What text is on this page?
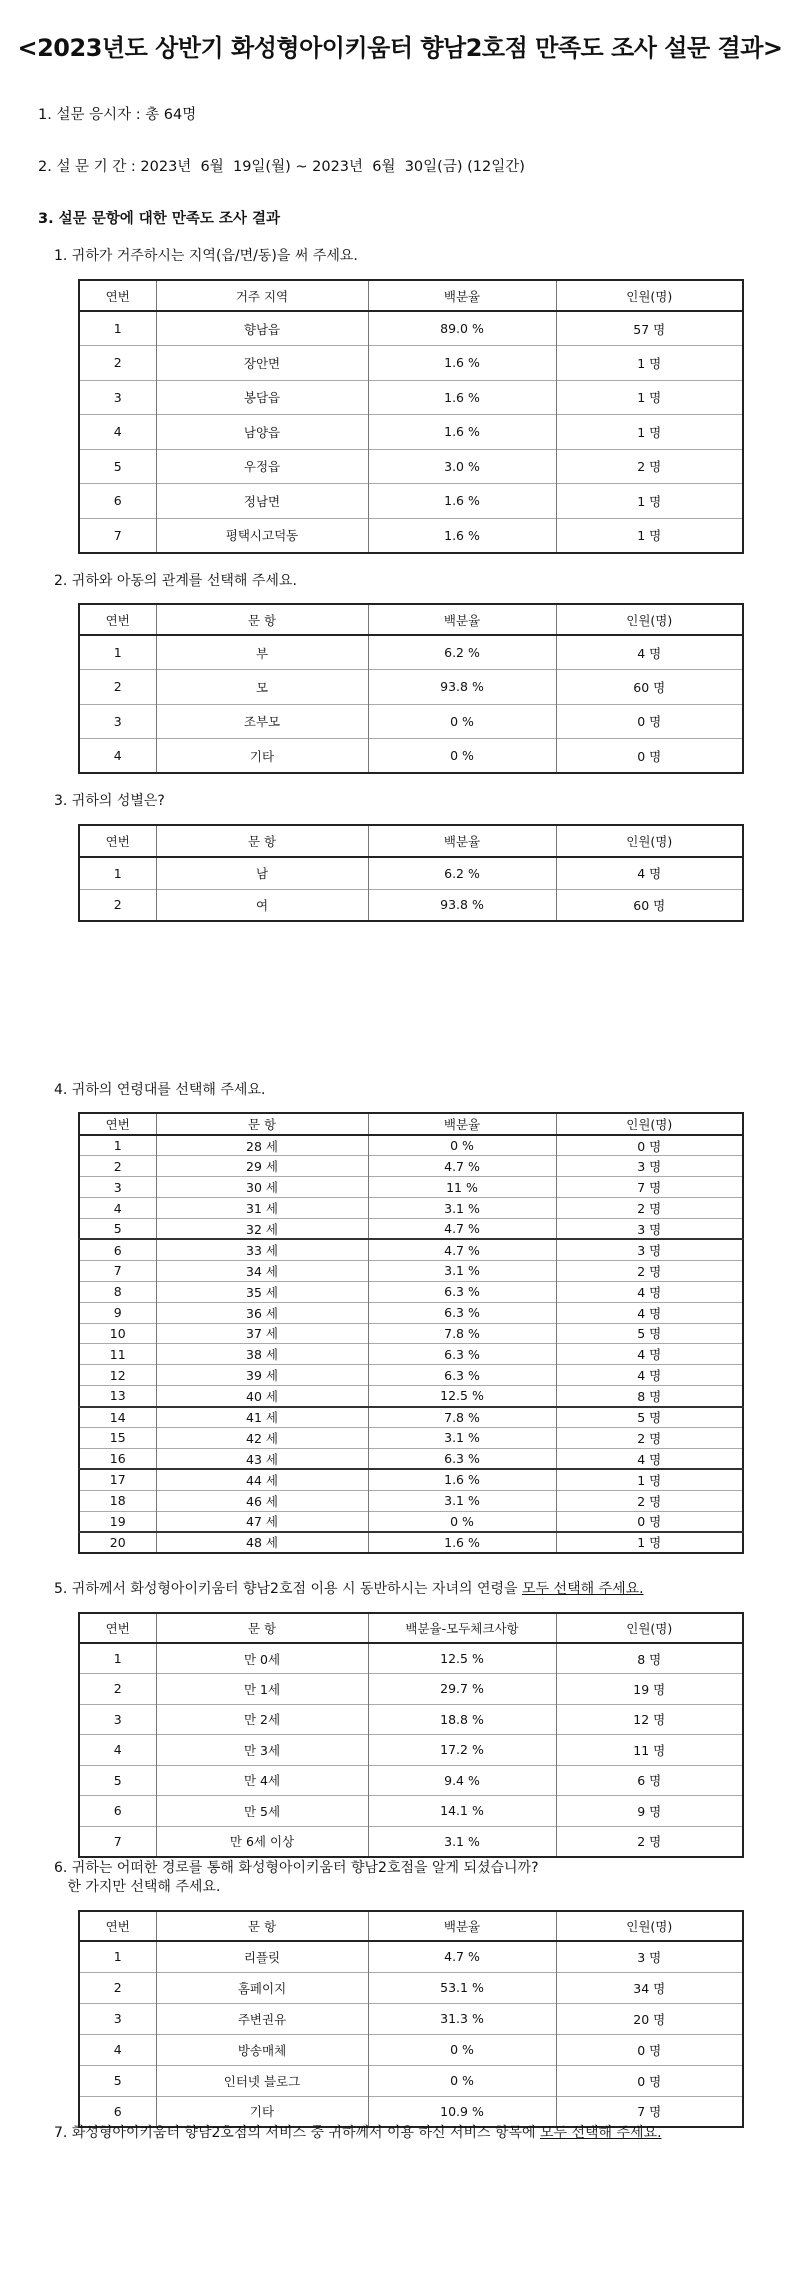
<2023년도 상반기 화성형아이키움터 향남2호점 만족도 조사 설문 결과>
1. 설문 응시자 : 총 64명
2. 설 문 기 간 : 2023년  6월  19일(월) ~ 2023년  6월  30일(금) (12일간)
3. 설문 문항에 대한 만족도 조사 결과
1. 귀하가 거주하시는 지역(읍/면/동)을 써 주세요.
연번	거주 지역	백분율	인원(명)
1	향남읍	89.0 %	57 명
2	장안면	1.6 %	1 명
3	봉담읍	1.6 %	1 명
4	남양읍	1.6 %	1 명
5	우정읍	3.0 %	2 명
6	정남면	1.6 %	1 명
7	평택시고덕동	1.6 %	1 명
2. 귀하와 아동의 관계를 선택해 주세요.
연번	문 항	백분율	인원(명)
1	부	6.2 %	4 명
2	모	93.8 %	60 명
3	조부모	0 %	0 명
4	기타	0 %	0 명
3. 귀하의 성별은?
연번	문 항	백분율	인원(명)
1	남	6.2 %	4 명
2	여	93.8 %	60 명
4. 귀하의 연령대를 선택해 주세요.
연번	문 항	백분율	인원(명)
1	28 세	0 %	0 명
2	29 세	4.7 %	3 명
3	30 세	11 %	7 명
4	31 세	3.1 %	2 명
5	32 세	4.7 %	3 명
6	33 세	4.7 %	3 명
7	34 세	3.1 %	2 명
8	35 세	6.3 %	4 명
9	36 세	6.3 %	4 명
10	37 세	7.8 %	5 명
11	38 세	6.3 %	4 명
12	39 세	6.3 %	4 명
13	40 세	12.5 %	8 명
14	41 세	7.8 %	5 명
15	42 세	3.1 %	2 명
16	43 세	6.3 %	4 명
17	44 세	1.6 %	1 명
18	46 세	3.1 %	2 명
19	47 세	0 %	0 명
20	48 세	1.6 %	1 명
5. 귀하께서 화성형아이키움터 향남2호점 이용 시 동반하시는 자녀의 연령을 모두 선택해 주세요.
연번	문 항	백분율-모두체크사항	인원(명)
1	만 0세	12.5 %	8 명
2	만 1세	29.7 %	19 명
3	만 2세	18.8 %	12 명
4	만 3세	17.2 %	11 명
5	만 4세	9.4 %	6 명
6	만 5세	14.1 %	9 명
7	만 6세 이상	3.1 %	2 명
6. 귀하는 어떠한 경로를 통해 화성형아이키움터 향남2호점을 알게 되셨습니까?
한 가지만 선택해 주세요.
연번	문 항	백분율	인원(명)
1	리플릿	4.7 %	3 명
2	홈페이지	53.1 %	34 명
3	주변권유	31.3 %	20 명
4	방송매체	0 %	0 명
5	인터넷 블로그	0 %	0 명
6	기타	10.9 %	7 명
7. 화성형아이키움터 향남2호점의 서비스 중 귀하께서 이용 하신 서비스 항목에 모두 선택해 주세요.
